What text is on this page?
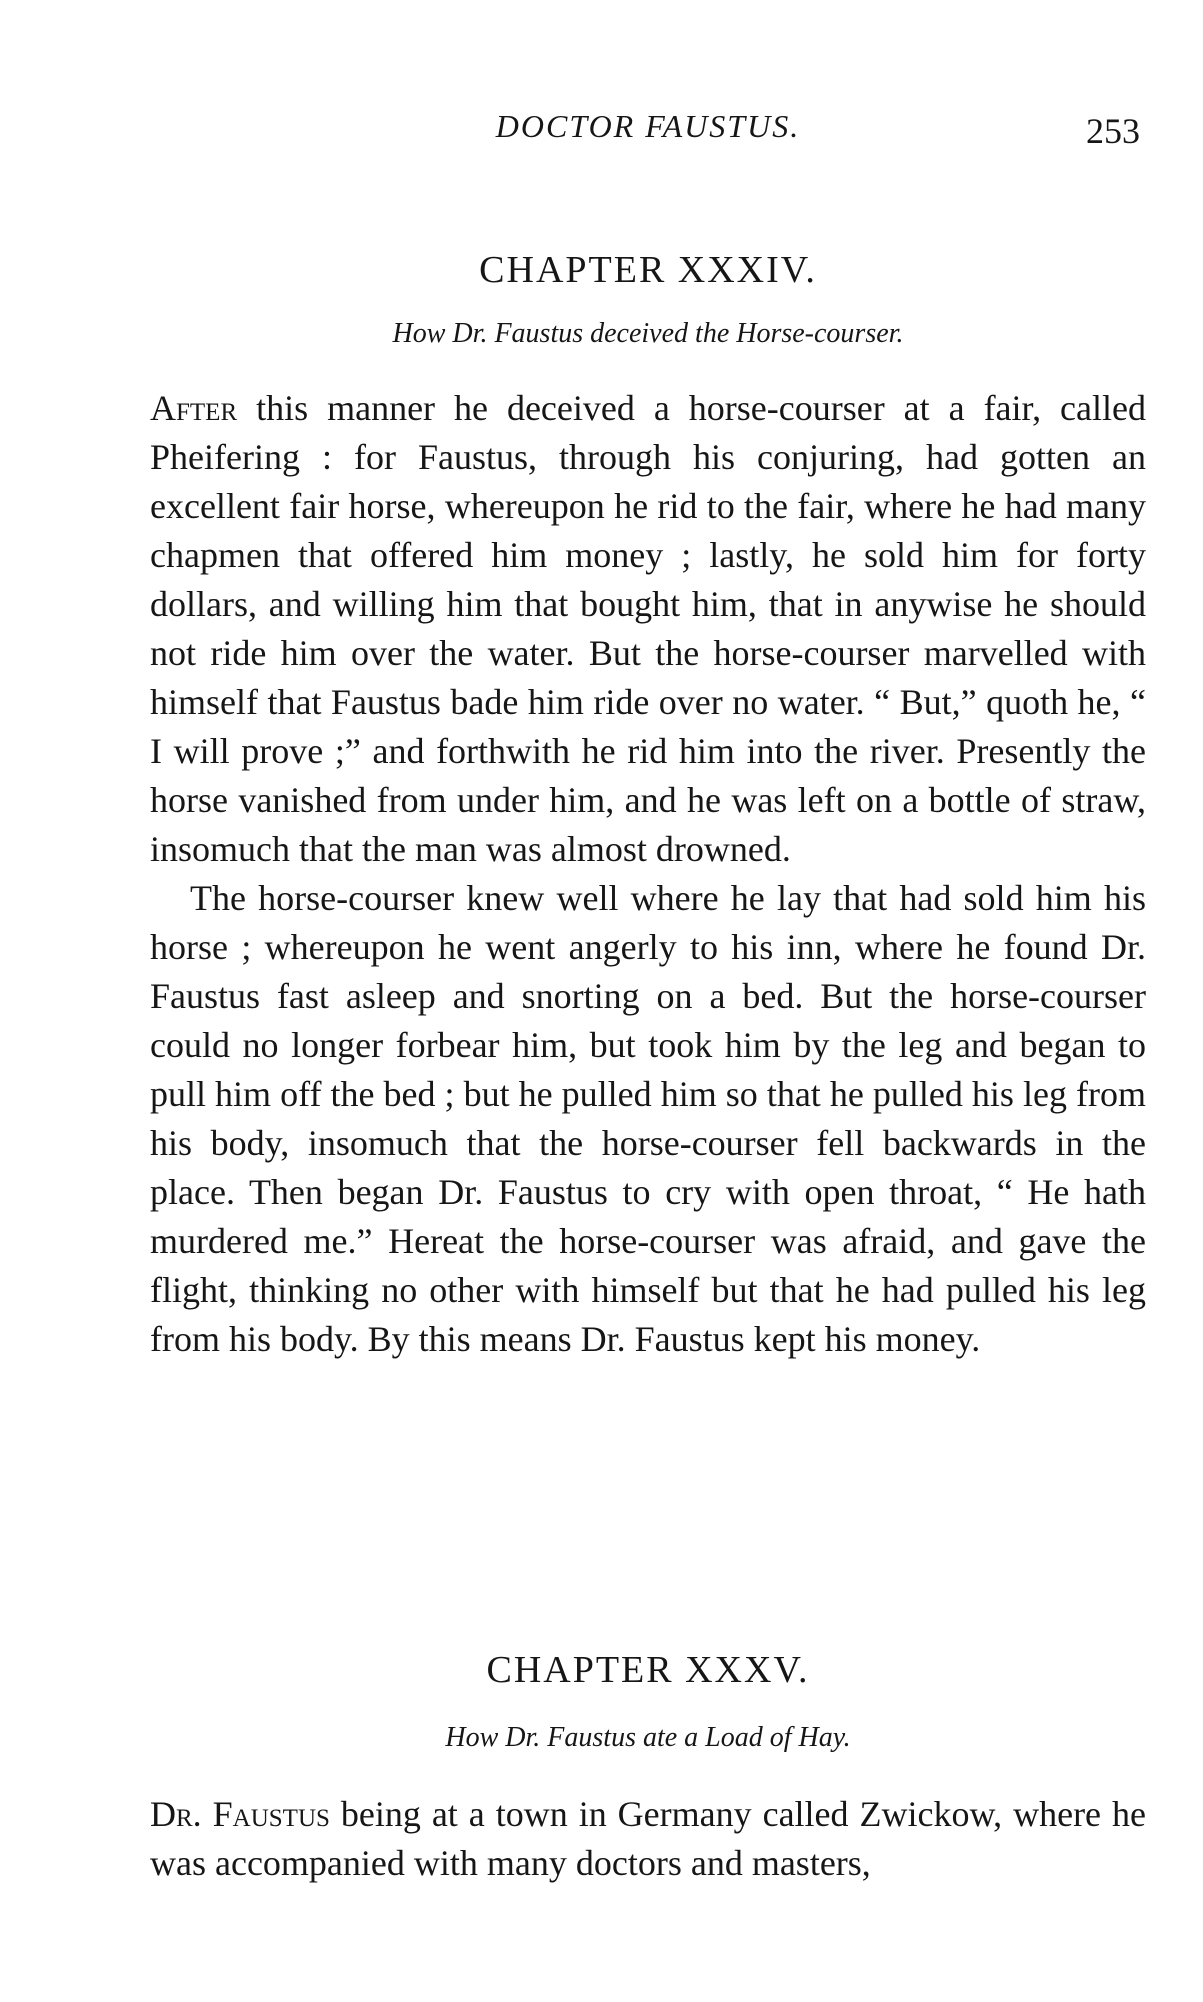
DOCTOR FAUSTUS.	253
CHAPTER XXXIV.
How Dr. Faustus deceived the Horse-courser.

After this manner he deceived a horse-courser at a fair, called Pheifering : for Faustus, through his conjuring, had gotten an excellent fair horse, whereupon he rid to the fair, where he had many chapmen that offered him money ; lastly, he sold him for forty dollars, and willing him that bought him, that in anywise he should not ride him over the water. But the horse-courser marvelled with himself that Faustus bade him ride over no water. “ But,” quoth he, “ I will prove ;” and forthwith he rid him into the river. Presently the horse vanished from under him, and he was left on a bottle of straw, insomuch that the man was almost drowned.

The horse-courser knew well where he lay that had sold him his horse ; whereupon he went angerly to his inn, where he found Dr. Faustus fast asleep and snorting on a bed. But the horse-courser could no longer forbear him, but took him by the leg and began to pull him off the bed ; but he pulled him so that he pulled his leg from his body, insomuch that the horse-courser fell backwards in the place. Then began Dr. Faustus to cry with open throat, “ He hath murdered me.” Hereat the horse-courser was afraid, and gave the flight, thinking no other with himself but that he had pulled his leg from his body. By this means Dr. Faustus kept his money.

CHAPTER XXXV.
How Dr. Faustus ate a Load of Hay.

Dr. Faustus being at a town in Germany called Zwickow, where he was accompanied with many doctors and masters,
